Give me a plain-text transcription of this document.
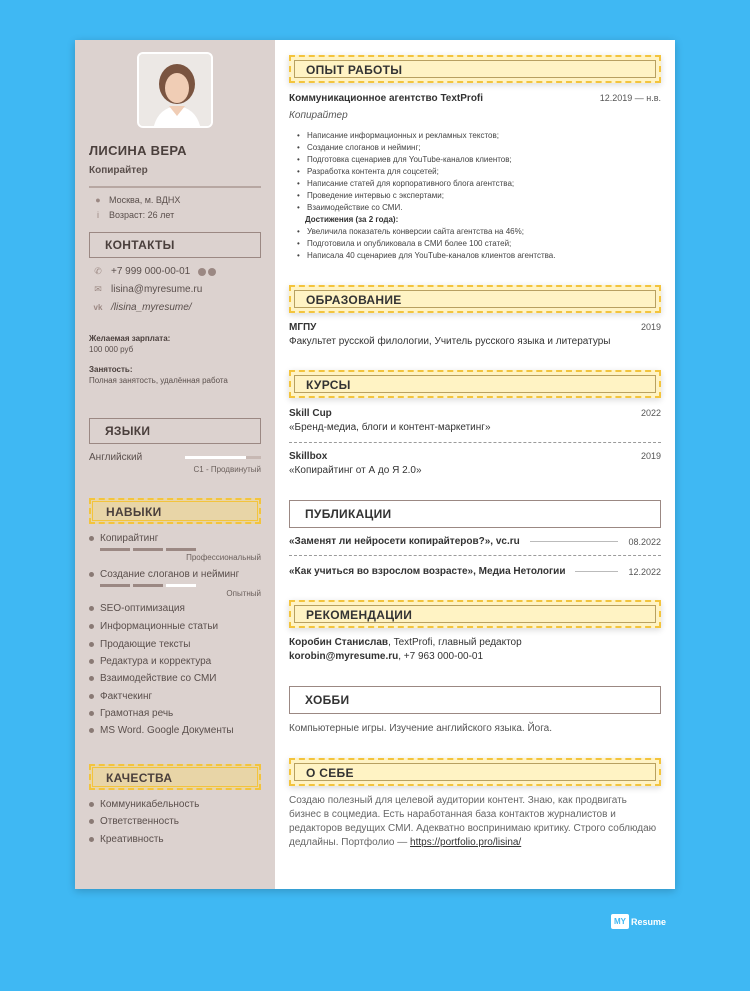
ЛИСИНА ВЕРА
Копирайтер
● Москва, м. ВДНХ
i	Возраст: 26 лет
КОНТАКТЫ
✆ +7 999 000-00-01
✉ lisina@myresume.ru
vk /lisina_myresume/
Желаемая зарплата:
100 000 руб
Занятость:
Полная занятость, удалённая работа
ЯЗЫКИ
Английский
C1 - Продвинутый
НАВЫКИ
Копирайтинг
Профессиональный
Создание слоганов и нейминг
Опытный
SEO-оптимизация
Информационные статьи
Продающие тексты
Редактура и корректура
Взаимодействие со СМИ
Фактчекинг
Грамотная речь
MS Word. Google Документы
КАЧЕСТВА
Коммуникабельность
Ответственность
Креативность
ОПЫТ РАБОТЫ
Коммуникационное агентство TextProfi	12.2019 — н.в.
Копирайтер
• Написание информационных и рекламных текстов;
• Создание слоганов и нейминг;
• Подготовка сценариев для YouTube-каналов клиентов;
• Разработка контента для соцсетей;
• Написание статей для корпоративного блога агентства;
• Проведение интервью с экспертами;
• Взаимодействие со СМИ.
Достижения (за 2 года):
• Увеличила показатель конверсии сайта агентства на 46%;
• Подготовила и опубликовала в СМИ более 100 статей;
• Написала 40 сценариев для YouTube-каналов клиентов агентства.
ОБРАЗОВАНИЕ
МГПУ	2019
Факультет русской филологии, Учитель русского языка и литературы
КУРСЫ
Skill Cup	2022
«Бренд-медиа, блоги и контент-маркетинг»
Skillbox	2019
«Копирайтинг от А до Я 2.0»
ПУБЛИКАЦИИ
«Заменят ли нейросети копирайтеров?», vc.ru	08.2022
«Как учиться во взрослом возрасте», Медиа Нетологии	12.2022
РЕКОМЕНДАЦИИ
Коробин Станислав, TextProfi, главный редактор
korobin@myresume.ru, +7 963 000-00-01
ХОББИ
Компьютерные игры. Изучение английского языка. Йога.
О СЕБЕ
Создаю полезный для целевой аудитории контент. Знаю, как продвигать бизнес в соцмедиа. Есть наработанная база контактов журналистов и редакторов ведущих СМИ. Адекватно воспринимаю критику. Строго соблюдаю дедлайны. Портфолио — https://portfolio.pro/lisina/
MY Resume
